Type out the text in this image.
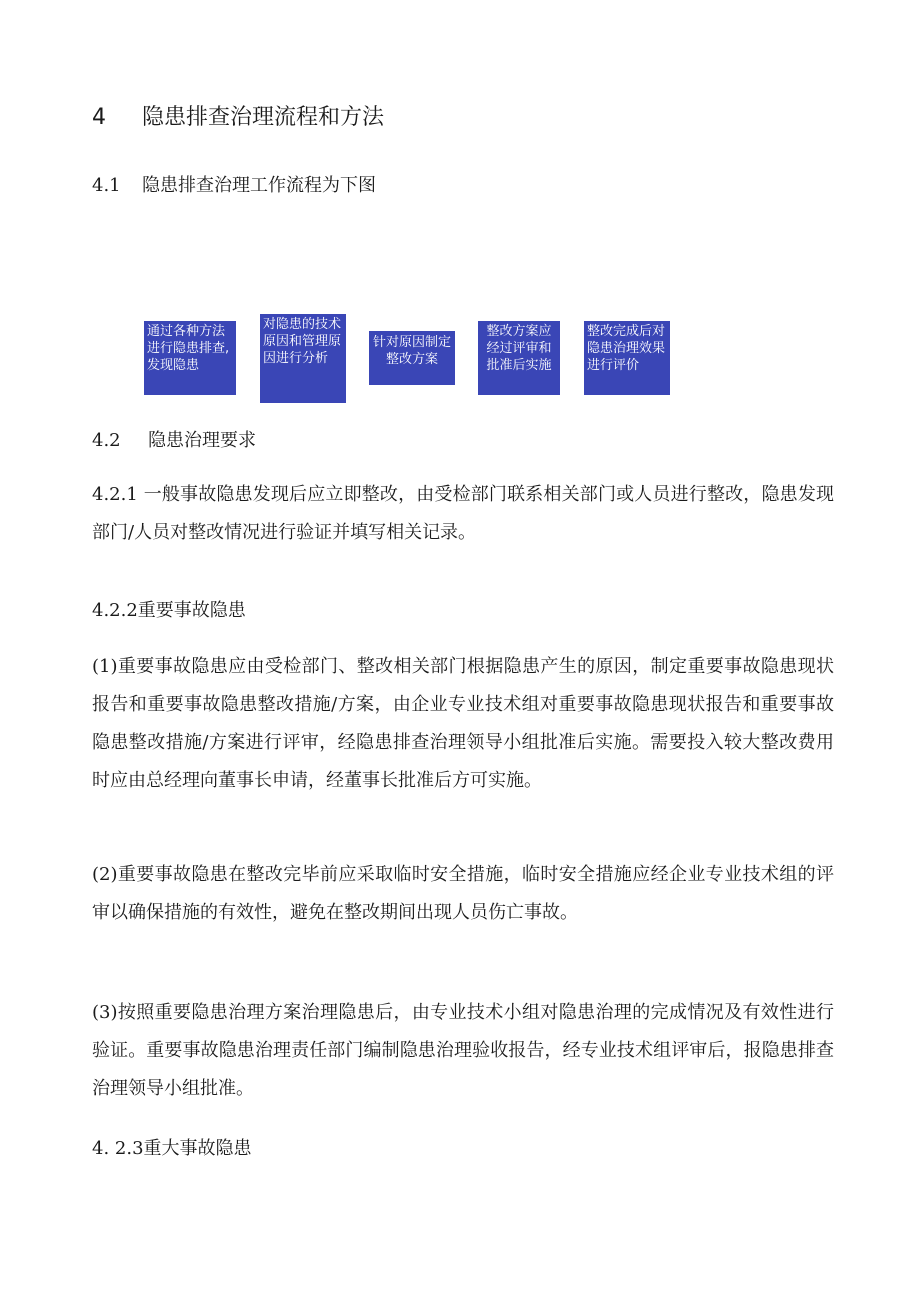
4 隐患排查治理流程和方法
4.1 隐患排查治理工作流程为下图
通过各种方法进行隐患排查,发现隐患
对隐患的技术原因和管理原因进行分析
针对原因制定整改方案
整改方案应经过评审和批准后实施
整改完成后对隐患治理效果进行评价
4.2 隐患治理要求
4.2.1 一般事故隐患发现后应立即整改，由受检部门联系相关部门或人员进行整改，隐患发现部门/人员对整改情况进行验证并填写相关记录。
4.2.2重要事故隐患
(1)重要事故隐患应由受检部门、整改相关部门根据隐患产生的原因，制定重要事故隐患现状报告和重要事故隐患整改措施/方案，由企业专业技术组对重要事故隐患现状报告和重要事故隐患整改措施/方案进行评审，经隐患排查治理领导小组批准后实施。需要投入较大整改费用时应由总经理向董事长申请，经董事长批准后方可实施。
(2)重要事故隐患在整改完毕前应采取临时安全措施，临时安全措施应经企业专业技术组的评审以确保措施的有效性，避免在整改期间出现人员伤亡事故。
(3)按照重要隐患治理方案治理隐患后，由专业技术小组对隐患治理的完成情况及有效性进行验证。重要事故隐患治理责任部门编制隐患治理验收报告，经专业技术组评审后，报隐患排查治理领导小组批准。
4. 2.3重大事故隐患
